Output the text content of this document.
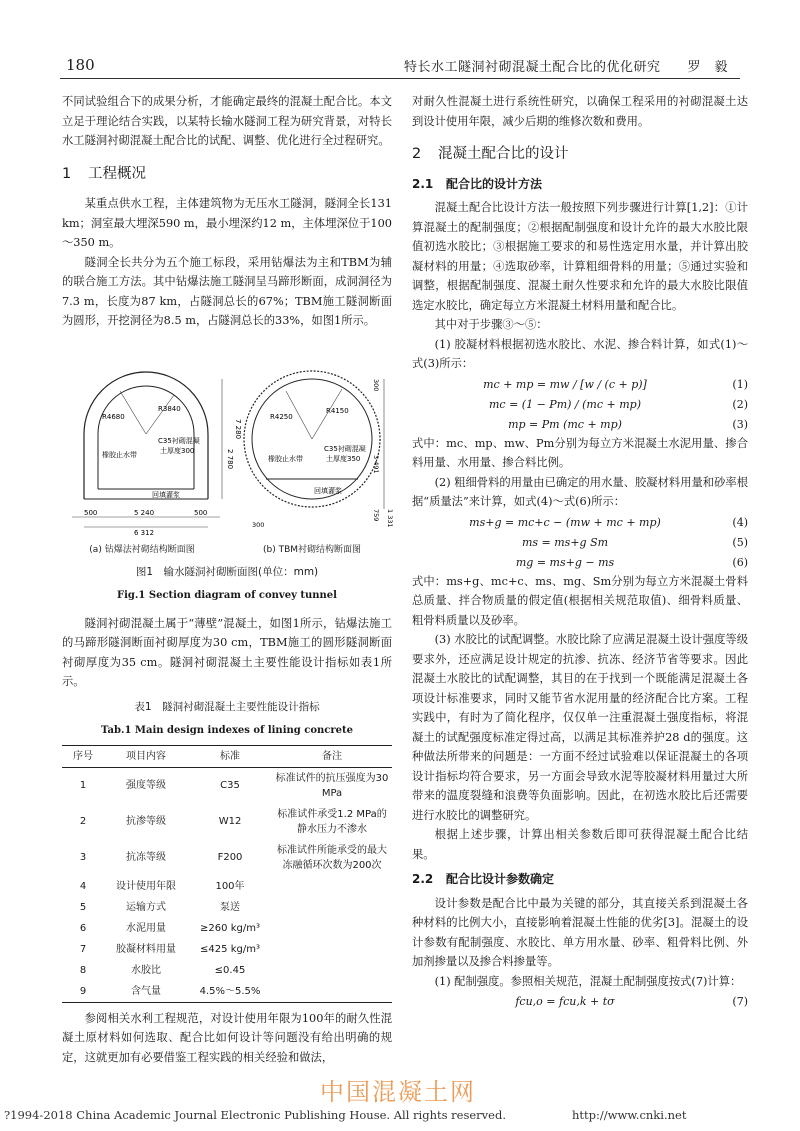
180	特长水工隧洞衬砌混凝土配合比的优化研究　　罗　毅

不同试验组合下的成果分析，才能确定最终的混凝土配合比。本文立足于理论结合实践，以某特长输水隧洞工程为研究背景，对特长水工隧洞衬砌混凝土配合比的试配、调整、优化进行全过程研究。

1 工程概况

某重点供水工程，主体建筑物为无压水工隧洞，隧洞全长131 km；洞室最大埋深590 m，最小埋深约12 m，主体埋深位于100～350 m。

隧洞全长共分为五个施工标段，采用钻爆法为主和TBM为辅的联合施工方法。其中钻爆法施工隧洞呈马蹄形断面，成洞洞径为7.3 m，长度为87 km，占隧洞总长的67%；TBM施工隧洞断面为圆形，开挖洞径为8.5 m，占隧洞总长的33%，如图1所示。

R4680
R3840
C35衬砌混凝
土厚度300
橡胶止水带
回填灌浆
6 312
5 240
500	500
2 780
7 280
R4250
R4150
C35衬砌混凝
土厚度350
橡胶止水带
回填灌浆
3 491
759 1 331
300
300
(a) 钻爆法衬砌结构断面图	(b) TBM衬砌结构断面图
图1　输水隧洞衬砌断面图(单位：mm)
Fig.1 Section diagram of convey tunnel

隧洞衬砌混凝土属于“薄壁”混凝土，如图1所示，钻爆法施工的马蹄形隧洞断面衬砌厚度为30 cm，TBM施工的圆形隧洞断面衬砌厚度为35 cm。隧洞衬砌混凝土主要性能设计指标如表1所示。

表1　隧洞衬砌混凝土主要性能设计指标
Tab.1 Main design indexes of lining concrete
序号	项目内容	标准	备注
1	强度等级	C35	标准试件的抗压强度为30 MPa
2	抗渗等级	W12	标准试件承受1.2 MPa的静水压力不渗水
3	抗冻等级	F200	标准试件所能承受的最大冻融循环次数为200次
4	设计使用年限	100年	
5	运输方式	泵送	
6	水泥用量	≥260 kg/m³	
7	胶凝材料用量	≤425 kg/m³	
8	水胶比	≤0.45	
9	含气量	4.5%～5.5%	

参阅相关水利工程规范，对设计使用年限为100年的耐久性混凝土原材料如何选取、配合比如何设计等问题没有给出明确的规定，这就更加有必要借鉴工程实践的相关经验和做法，

对耐久性混凝土进行系统性研究，以确保工程采用的衬砌混凝土达到设计使用年限，减少后期的维修次数和费用。

2 混凝土配合比的设计
2.1 配合比的设计方法

混凝土配合比设计方法一般按照下列步骤进行计算[1,2]：①计算混凝土的配制强度；②根据配制强度和设计允许的最大水胶比限值初选水胶比；③根据施工要求的和易性选定用水量，并计算出胶凝材料的用量；④选取砂率，计算粗细骨料的用量；⑤通过实验和调整，根据配制强度、混凝土耐久性要求和允许的最大水胶比限值选定水胶比，确定每立方米混凝土材料用量和配合比。

其中对于步骤③～⑤：

(1) 胶凝材料根据初选水胶比、水泥、掺合料计算，如式(1)～式(3)所示：

mc + mp = mw / [w / (c + p)]	(1)
mc = (1 − Pm) / (mc + mp)	(2)
mp = Pm (mc + mp)	(3)

式中：mc、mp、mw、Pm分别为每立方米混凝土水泥用量、掺合料用量、水用量、掺合料比例。

(2) 粗细骨料的用量由已确定的用水量、胶凝材料用量和砂率根据“质量法”来计算，如式(4)～式(6)所示：

ms+g = mc+c − (mw + mc + mp)	(4)
ms = ms+g Sm	(5)
mg = ms+g − ms	(6)

式中：ms+g、mc+c、ms、mg、Sm分别为每立方米混凝土骨料总质量、拌合物质量的假定值(根据相关规范取值)、细骨料质量、粗骨料质量以及砂率。

(3) 水胶比的试配调整。水胶比除了应满足混凝土设计强度等级要求外，还应满足设计规定的抗渗、抗冻、经济节省等要求。因此混凝土水胶比的试配调整，其目的在于找到一个既能满足混凝土各项设计标准要求，同时又能节省水泥用量的经济配合比方案。工程实践中，有时为了简化程序，仅仅单一注重混凝土强度指标，将混凝土的试配强度标准定得过高，以满足其标准养护28 d的强度。这种做法所带来的问题是：一方面不经过试验难以保证混凝土的各项设计指标均符合要求，另一方面会导致水泥等胶凝材料用量过大所带来的温度裂缝和浪费等负面影响。因此，在初选水胶比后还需要进行水胶比的调整研究。

根据上述步骤，计算出相关参数后即可获得混凝土配合比结果。

2.2 配合比设计参数确定

设计参数是配合比中最为关键的部分，其直接关系到混凝土各种材料的比例大小，直接影响着混凝土性能的优劣[3]。混凝土的设计参数有配制强度、水胶比、单方用水量、砂率、粗骨料比例、外加剂掺量以及掺合料掺量等。

(1) 配制强度。参照相关规范，混凝土配制强度按式(7)计算：

fcu,o = fcu,k + tσ	(7)
中国混凝土网
?1994-2018 China Academic Journal Electronic Publishing House. All rights reserved.	http://www.cnki.net
